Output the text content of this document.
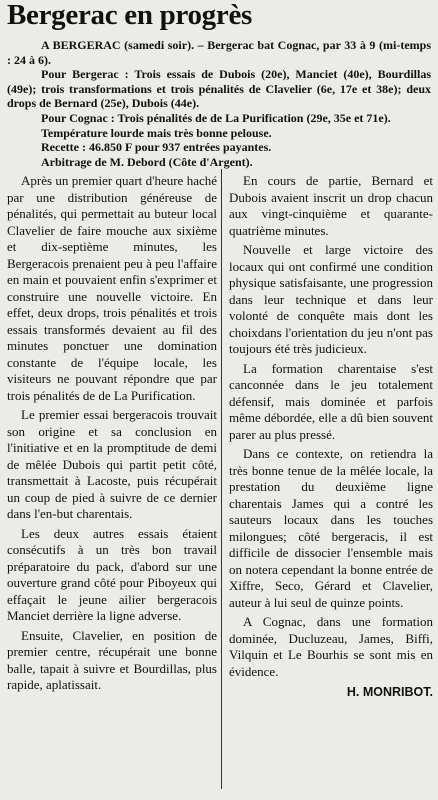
Bergerac en progrès

A BERGERAC (samedi soir). – Bergerac bat Cognac, par 33 à 9 (mi-temps : 24 à 6).

Pour Bergerac : Trois essais de Dubois (20e), Manciet (40e), Bourdillas (49e); trois transformations et trois pénalités de Clavelier (6e, 17e et 38e); deux drops de Bernard (25e), Dubois (44e).

Pour Cognac : Trois pénalités de de La Purification (29e, 35e et 71e).

Température lourde mais très bonne pelouse.

Recette : 46.850 F pour 937 entrées payantes.

Arbitrage de M. Debord (Côte d'Argent).

Après un premier quart d'heure haché par une distribution généreuse de pénalités, qui permettait au buteur local Clavelier de faire mouche aux sixième et dix-septième minutes, les Bergeracois prenaient peu à peu l'affaire en main et pouvaient enfin s'exprimer et construire une nouvelle victoire. En effet, deux drops, trois pénalités et trois essais transformés devaient au fil des minutes ponctuer une domination constante de l'équipe locale, les visiteurs ne pouvant répondre que par trois pénalités de de La Purification.

Le premier essai bergeracois trouvait son origine et sa conclusion en l'initiative et en la promptitude de demi de mêlée Dubois qui partit petit côté, transmettait à Lacoste, puis récupérait un coup de pied à suivre de ce dernier dans l'en-but charentais.

Les deux autres essais étaient consécutifs à un très bon travail préparatoire du pack, d'abord sur une ouverture grand côté pour Piboyeux qui effaçait le jeune ailier bergeracois Manciet derrière la ligne adverse.

Ensuite, Clavelier, en position de premier centre, récupérait une bonne balle, tapait à suivre et Bourdillas, plus rapide, aplatissait.

En cours de partie, Bernard et Dubois avaient inscrit un drop chacun aux vingt-cinquième et quarante-quatrième minutes.

Nouvelle et large victoire des locaux qui ont confirmé une condition physique satisfaisante, une progression dans leur technique et dans leur volonté de conquête mais dont les choixdans l'orientation du jeu n'ont pas toujours été très judicieux.

La formation charentaise s'est canconnée dans le jeu totalement défensif, mais dominée et parfois même débordée, elle a dû bien souvent parer au plus pressé.

Dans ce contexte, on retiendra la très bonne tenue de la mêlée locale, la prestation du deuxième ligne charentais James qui a contré les sauteurs locaux dans les touches milongues; côté bergeracis, il est difficile de dissocier l'ensemble mais on notera cependant la bonne entrée de Xiffre, Seco, Gérard et Clavelier, auteur à lui seul de quinze points.

A Cognac, dans une formation dominée, Ducluzeau, James, Biffi, Vilquin et Le Bourhis se sont mis en évidence.

H. MONRIBOT.
